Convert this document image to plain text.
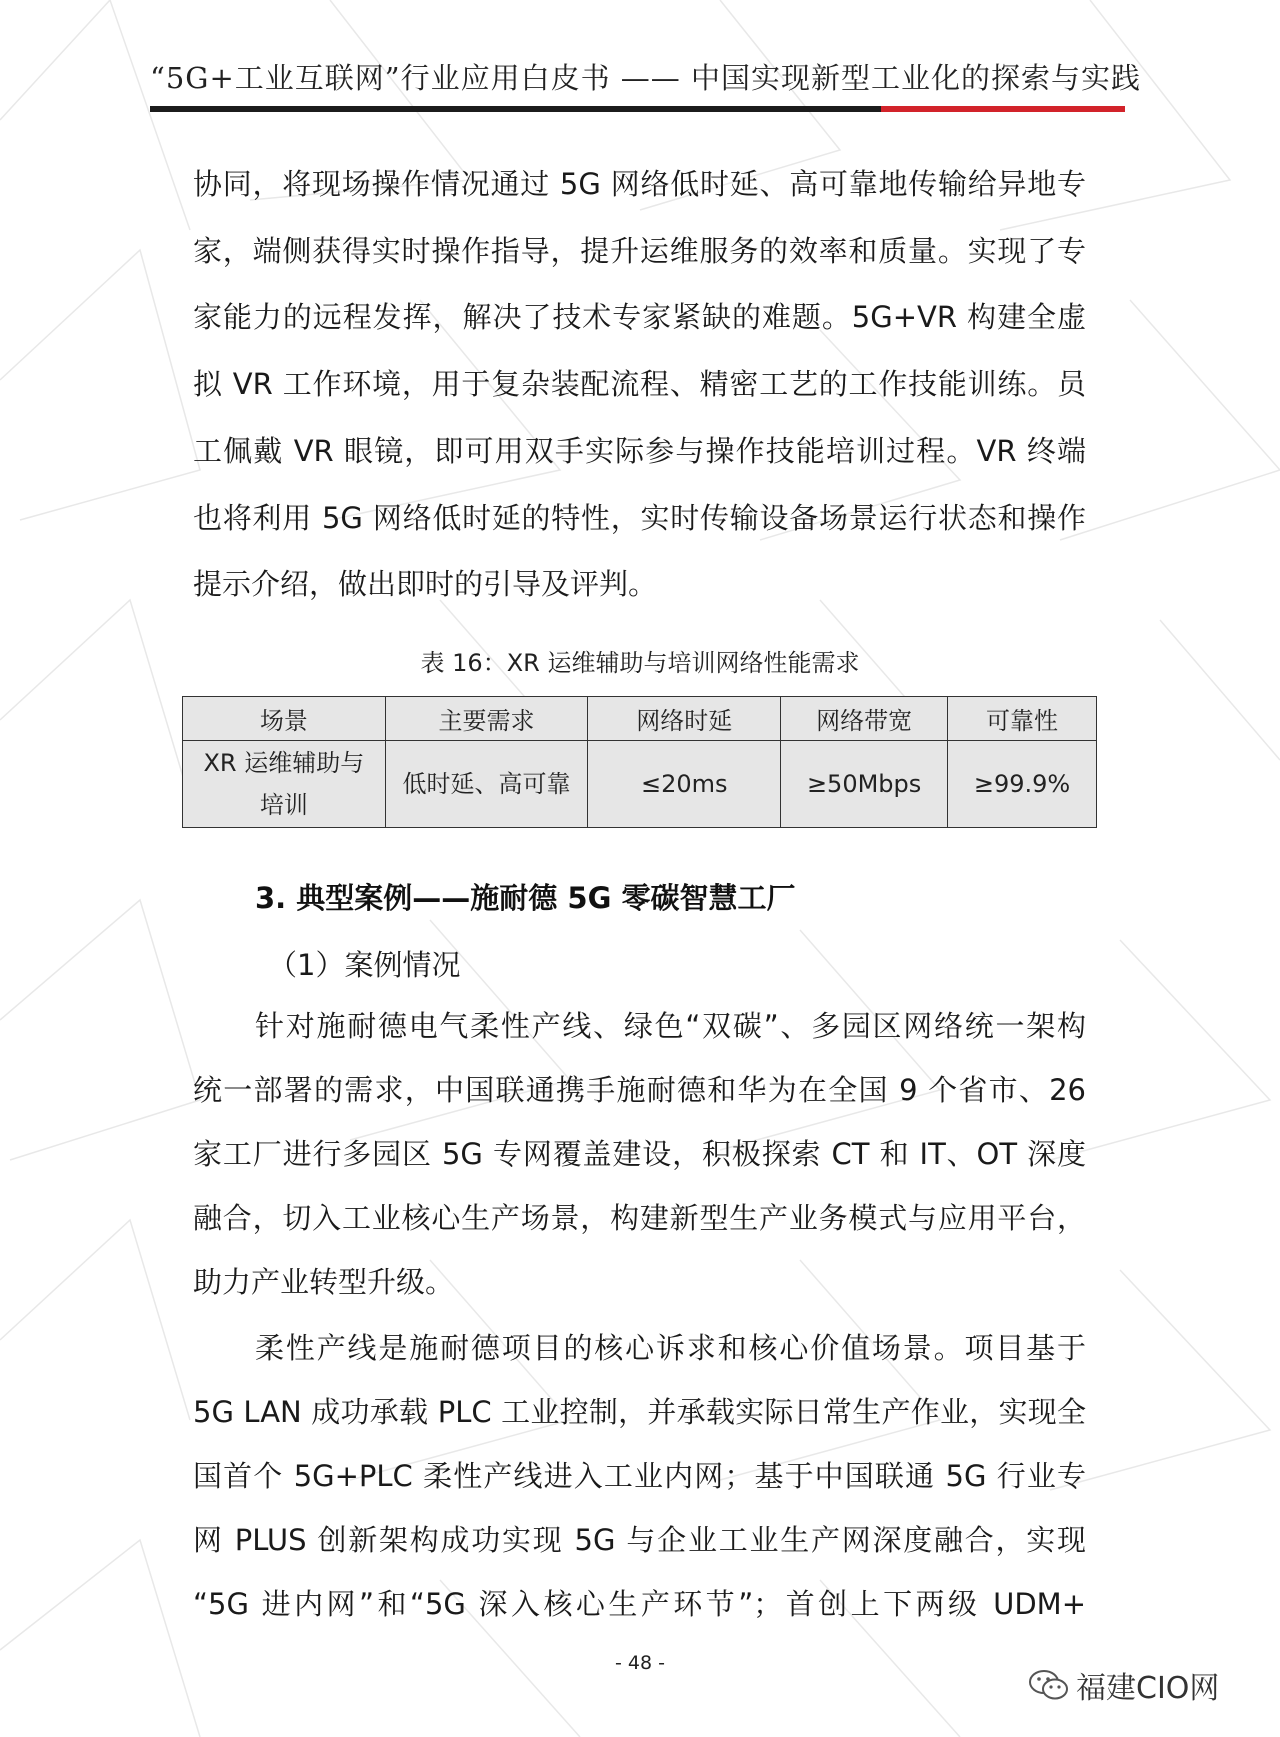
“5G+工业互联网”行业应用白皮书 —— 中国实现新型工业化的探索与实践
协同，将现场操作情况通过 5G 网络低时延、高可靠地传输给异地专
家，端侧获得实时操作指导，提升运维服务的效率和质量。实现了专
家能力的远程发挥，解决了技术专家紧缺的难题。5G+VR 构建全虚
拟 VR 工作环境，用于复杂装配流程、精密工艺的工作技能训练。员
工佩戴 VR 眼镜，即可用双手实际参与操作技能培训过程。VR 终端
也将利用 5G 网络低时延的特性，实时传输设备场景运行状态和操作
提示介绍，做出即时的引导及评判。
表 16：XR 运维辅助与培训网络性能需求
场景	主要需求	网络时延	网络带宽	可靠性

XR 运维辅助与
培训	低时延、高可靠	≤20ms	≥50Mbps	≥99.9%
3. 典型案例——施耐德 5G 零碳智慧工厂
（1）案例情况
针对施耐德电气柔性产线、绿色“双碳”、多园区网络统一架构
统一部署的需求，中国联通携手施耐德和华为在全国 9 个省市、26
家工厂进行多园区 5G 专网覆盖建设，积极探索 CT 和 IT、OT 深度
融合，切入工业核心生产场景，构建新型生产业务模式与应用平台，
助力产业转型升级。
柔性产线是施耐德项目的核心诉求和核心价值场景。项目基于
5G LAN 成功承载 PLC 工业控制，并承载实际日常生产作业，实现全
国首个 5G+PLC 柔性产线进入工业内网；基于中国联通 5G 行业专
网 PLUS 创新架构成功实现 5G 与企业工业生产网深度融合，实现
“5G 进内网”和“5G 深入核心生产环节”；首创上下两级 UDM+
- 48 -
福建CIO网
